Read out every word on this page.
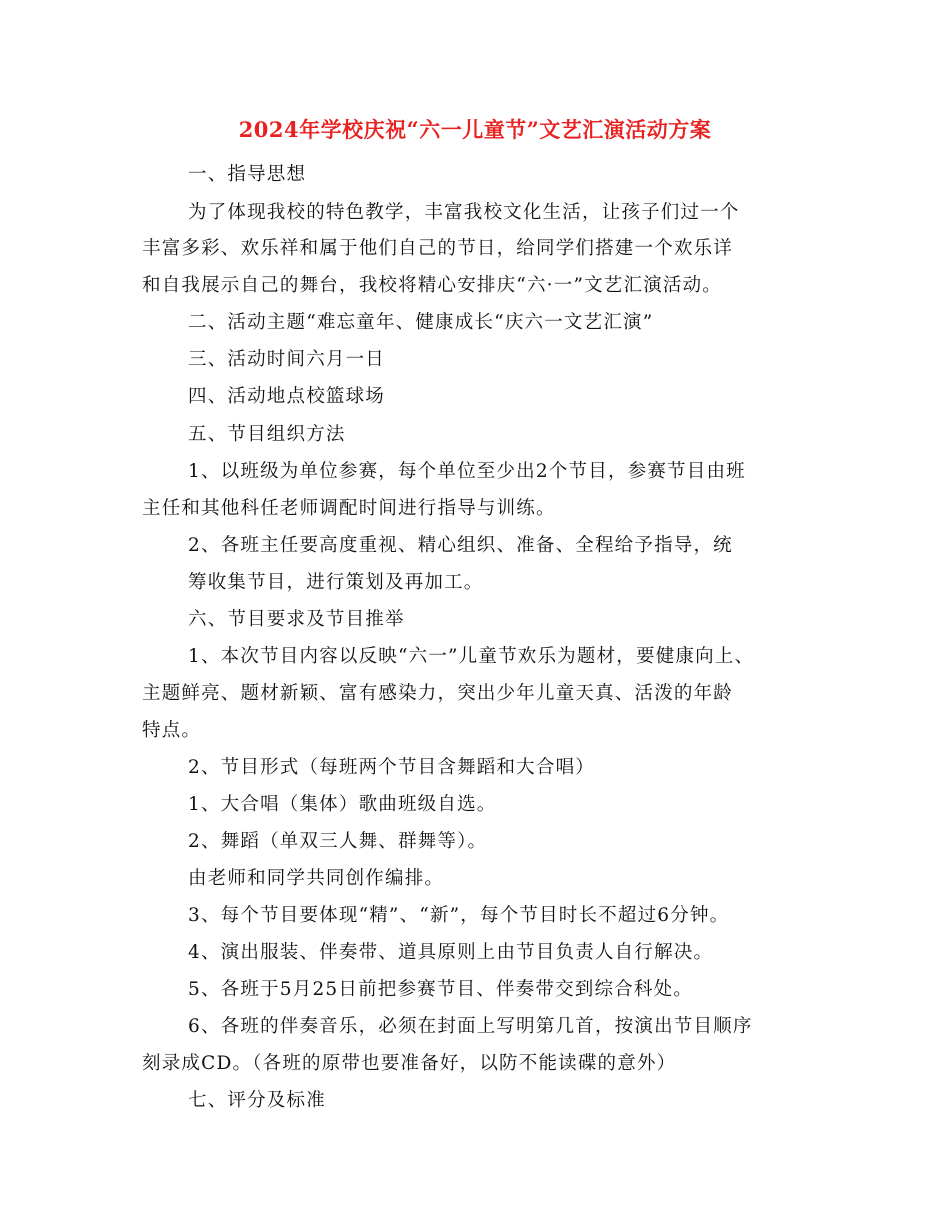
2024年学校庆祝“六一儿童节”文艺汇演活动方案
一、指导思想
为了体现我校的特色教学，丰富我校文化生活，让孩子们过一个
丰富多彩、欢乐祥和属于他们自己的节日，给同学们搭建一个欢乐详
和自我展示自己的舞台，我校将精心安排庆“六·一”文艺汇演活动。
二、活动主题“难忘童年、健康成长“庆六一文艺汇演”
三、活动时间六月一日
四、活动地点校篮球场
五、节目组织方法
1、以班级为单位参赛，每个单位至少出2个节目，参赛节目由班
主任和其他科任老师调配时间进行指导与训练。
2、各班主任要高度重视、精心组织、准备、全程给予指导，统
筹收集节目，进行策划及再加工。
六、节目要求及节目推举
1、本次节目内容以反映“六一”儿童节欢乐为题材，要健康向上、
主题鲜亮、题材新颖、富有感染力，突出少年儿童天真、活泼的年龄
特点。
2、节目形式（每班两个节目含舞蹈和大合唱）
1、大合唱（集体）歌曲班级自选。
2、舞蹈（单双三人舞、群舞等）。
由老师和同学共同创作编排。
3、每个节目要体现“精”、“新”，每个节目时长不超过6分钟。
4、演出服装、伴奏带、道具原则上由节目负责人自行解决。
5、各班于5月25日前把参赛节目、伴奏带交到综合科处。
6、各班的伴奏音乐，必须在封面上写明第几首，按演出节目顺序
刻录成CD。（各班的原带也要准备好，以防不能读碟的意外）
七、评分及标准
